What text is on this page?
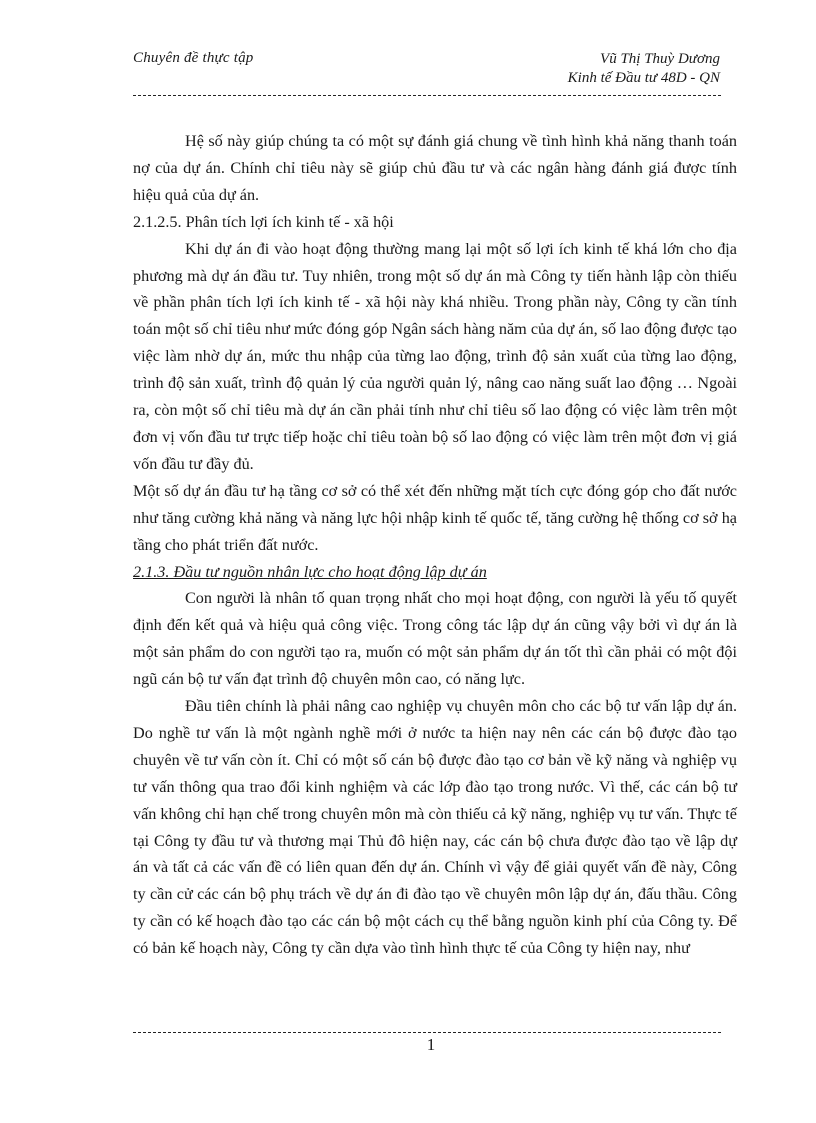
Chuyên đề thực tập	Vũ Thị Thuỳ Dương
Kinh tế Đầu tư 48D - QN

Hệ số này giúp chúng ta có một sự đánh giá chung về tình hình khả năng thanh toán nợ của dự án. Chính chỉ tiêu này sẽ giúp chủ đầu tư và các ngân hàng đánh giá được tính hiệu quả của dự án.

2.1.2.5. Phân tích lợi ích kinh tế - xã hội

Khi dự án đi vào hoạt động thường mang lại một số lợi ích kinh tế khá lớn cho địa phương mà dự án đầu tư. Tuy nhiên, trong một số dự án mà Công ty tiến hành lập còn thiếu về phần phân tích lợi ích kinh tế - xã hội này khá nhiều. Trong phần này, Công ty cần tính toán một số chỉ tiêu như mức đóng góp Ngân sách hàng năm của dự án, số lao động được tạo việc làm nhờ dự án, mức thu nhập của từng lao động, trình độ sản xuất của từng lao động, trình độ sản xuất, trình độ quản lý của người quản lý, nâng cao năng suất lao động … Ngoài ra, còn một số chỉ tiêu mà dự án cần phải tính như chỉ tiêu số lao động có việc làm trên một đơn vị vốn đầu tư trực tiếp hoặc chỉ tiêu toàn bộ số lao động có việc làm trên một đơn vị giá vốn đầu tư đầy đủ.

Một số dự án đầu tư hạ tầng cơ sở có thể xét đến những mặt tích cực đóng góp cho đất nước như tăng cường khả năng và năng lực hội nhập kinh tế quốc tế, tăng cường hệ thống cơ sở hạ tầng cho phát triển đất nước.

2.1.3. Đầu tư nguồn nhân lực cho hoạt động lập dự án

Con người là nhân tố quan trọng nhất cho mọi hoạt động, con người là yếu tố quyết định đến kết quả và hiệu quả công việc. Trong công tác lập dự án cũng vậy bởi vì dự án là một sản phẩm do con người tạo ra, muốn có một sản phẩm dự án tốt thì cần phải có một đội ngũ cán bộ tư vấn đạt trình độ chuyên môn cao, có năng lực.

Đầu tiên chính là phải nâng cao nghiệp vụ chuyên môn cho các bộ tư vấn lập dự án. Do nghề tư vấn là một ngành nghề mới ở nước ta hiện nay nên các cán bộ được đào tạo chuyên về tư vấn còn ít. Chỉ có một số cán bộ được đào tạo cơ bản về kỹ năng và nghiệp vụ tư vấn thông qua trao đổi kinh nghiệm và các lớp đào tạo trong nước. Vì thế, các cán bộ tư vấn không chỉ hạn chế trong chuyên môn mà còn thiếu cả kỹ năng, nghiệp vụ tư vấn. Thực tế tại Công ty đầu tư và thương mại Thủ đô hiện nay, các cán bộ chưa được đào tạo về lập dự án và tất cả các vấn đề có liên quan đến dự án. Chính vì vậy để giải quyết vấn đề này, Công ty cần cử các cán bộ phụ trách về dự án đi đào tạo về chuyên môn lập dự án, đấu thầu. Công ty cần có kế hoạch đào tạo các cán bộ một cách cụ thể bằng nguồn kinh phí của Công ty. Để có bản kế hoạch này, Công ty cần dựa vào tình hình thực tế của Công ty hiện nay, như

1
